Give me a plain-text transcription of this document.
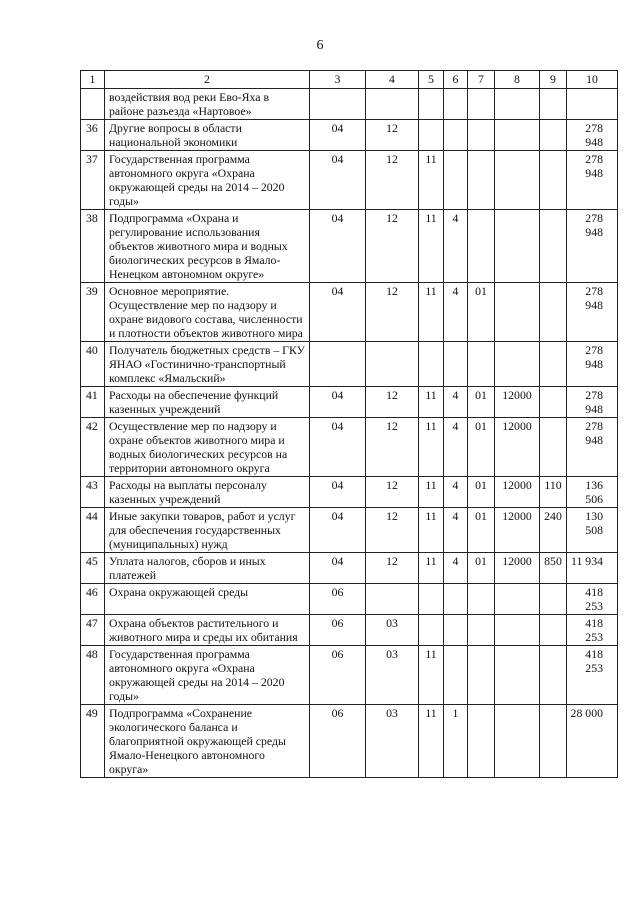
6
1	2	3	4	5	6	7	8	9	10
	воздействия вод реки Ево-Яха в районе разъезда «Нартовое»								
36	Другие вопросы в области национальной экономики	04	12						278 948
37	Государственная программа автономного округа «Охрана окружающей среды на 2014 – 2020 годы»	04	12	11					278 948
38	Подпрограмма «Охрана и регулирование использования объектов животного мира и водных биологических ресурсов в Ямало-Ненецком автономном округе»	04	12	11	4				278 948
39	Основное мероприятие. Осуществление мер по надзору и охране видового состава, численности и плотности объектов животного мира	04	12	11	4	01			278 948
40	Получатель бюджетных средств – ГКУ ЯНАО «Гостинично-транспортный комплекс «Ямальский»								278 948
41	Расходы на обеспечение функций казенных учреждений	04	12	11	4	01	12000		278 948
42	Осуществление мер по надзору и охране объектов животного мира и водных биологических ресурсов на территории автономного округа	04	12	11	4	01	12000		278 948
43	Расходы на выплаты персоналу казенных учреждений	04	12	11	4	01	12000	110	136 506
44	Иные закупки товаров, работ и услуг для обеспечения государственных (муниципальных) нужд	04	12	11	4	01	12000	240	130 508
45	Уплата налогов, сборов и иных платежей	04	12	11	4	01	12000	850	11 934
46	Охрана окружающей среды	06							418 253
47	Охрана объектов растительного и животного мира и среды их обитания	06	03						418 253
48	Государственная программа автономного округа «Охрана окружающей среды на 2014 – 2020 годы»	06	03	11					418 253
49	Подпрограмма «Сохранение экологического баланса и благоприятной окружающей среды Ямало-Ненецкого автономного округа»	06	03	11	1				28 000
